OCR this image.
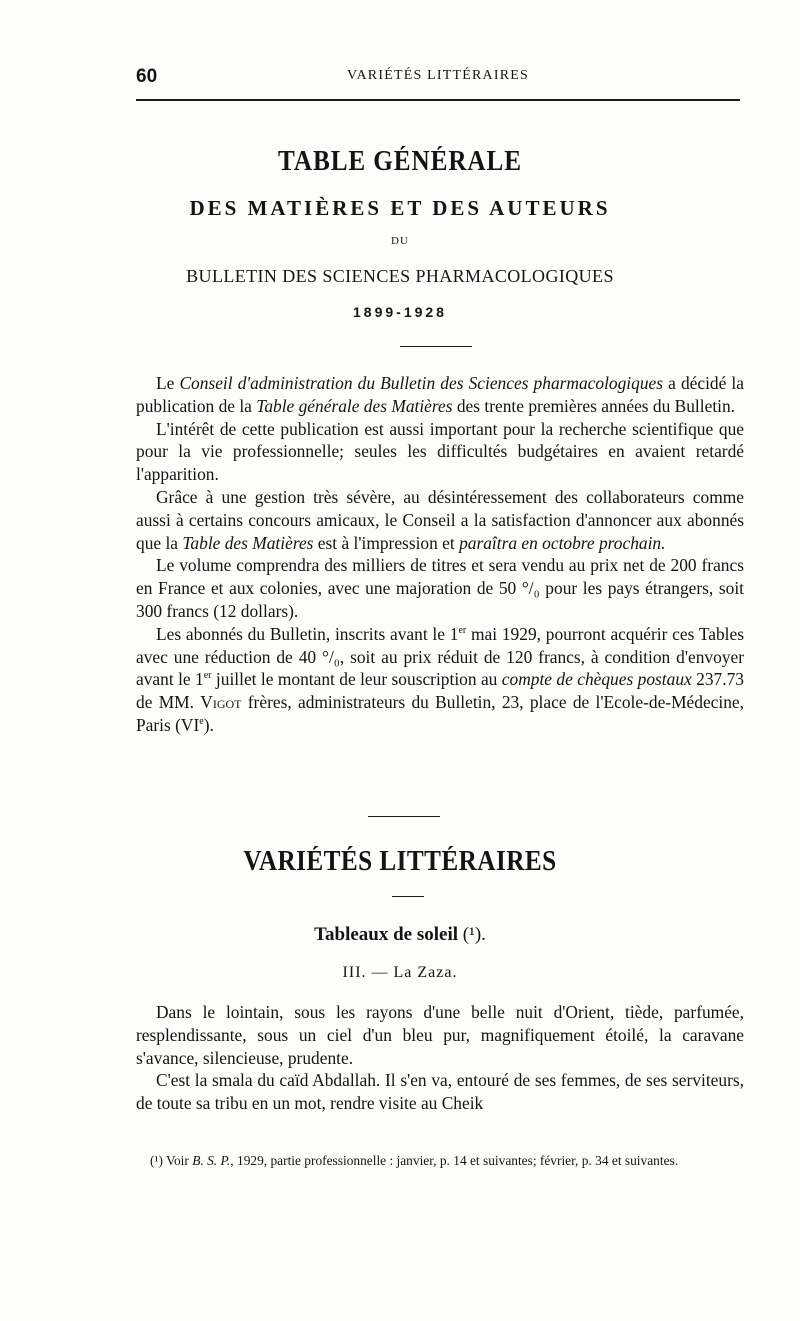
60	VARIÉTÉS LITTÉRAIRES
TABLE GÉNÉRALE
DES MATIÈRES ET DES AUTEURS
DU
BULLETIN DES SCIENCES PHARMACOLOGIQUES
1899-1928

Le Conseil d'administration du Bulletin des Sciences pharmacologiques a décidé la publication de la Table générale des Matières des trente premières années du Bulletin.

L'intérêt de cette publication est aussi important pour la recherche scientifique que pour la vie professionnelle; seules les difficultés budgétaires en avaient retardé l'apparition.

Grâce à une gestion très sévère, au désintéressement des collaborateurs comme aussi à certains concours amicaux, le Conseil a la satisfaction d'annoncer aux abonnés que la Table des Matières est à l'impression et paraîtra en octobre prochain.

Le volume comprendra des milliers de titres et sera vendu au prix net de 200 francs en France et aux colonies, avec une majoration de 50 °/₀ pour les pays étrangers, soit 300 francs (12 dollars).

Les abonnés du Bulletin, inscrits avant le 1er mai 1929, pourront acquérir ces Tables avec une réduction de 40 °/₀, soit au prix réduit de 120 francs, à condition d'envoyer avant le 1er juillet le montant de leur souscription au compte de chèques postaux 237.73 de MM. Vigot frères, administrateurs du Bulletin, 23, place de l'Ecole-de-Médecine, Paris (VIe).

VARIÉTÉS LITTÉRAIRES
Tableaux de soleil (¹).
III. — La Zaza.

Dans le lointain, sous les rayons d'une belle nuit d'Orient, tiède, parfumée, resplendissante, sous un ciel d'un bleu pur, magnifiquement étoilé, la caravane s'avance, silencieuse, prudente.

C'est la smala du caïd Abdallah. Il s'en va, entouré de ses femmes, de ses serviteurs, de toute sa tribu en un mot, rendre visite au Cheik

(¹) Voir B. S. P., 1929, partie professionnelle : janvier, p. 14 et suivantes; février, p. 34 et suivantes.
